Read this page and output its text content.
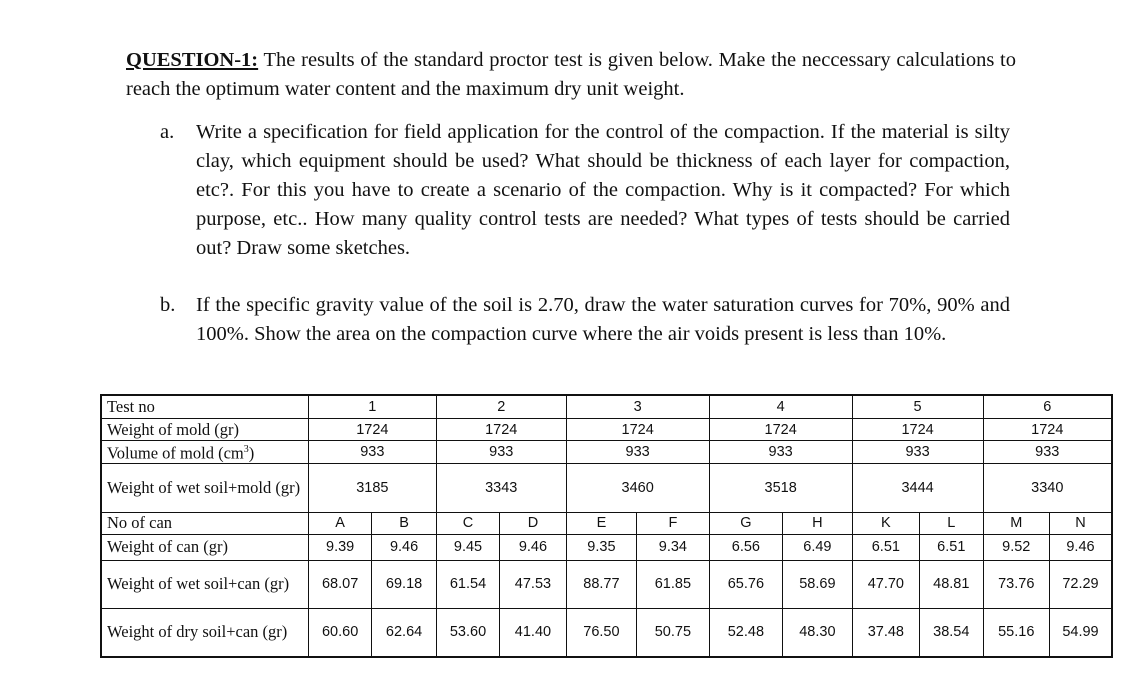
QUESTION-1: The results of the standard proctor test is given below. Make the neccessary calculations to reach the optimum water content and the maximum dry unit weight.
a.	Write a specification for field application for the control of the compaction. If the material is silty clay, which equipment should be used? What should be thickness of each layer for compaction, etc?. For this you have to create a scenario of the compaction. Why is it compacted? For which purpose, etc.. How many quality control tests are needed? What types of tests should be carried out? Draw some sketches.
b.	If the specific gravity value of the soil is 2.70, draw the water saturation curves for 70%, 90% and 100%. Show the area on the compaction curve where the air voids present is less than 10%.
Test no	1		2		3		4		5		6	
Weight of mold (gr)	1724		1724		1724		1724		1724		1724	
Volume of mold $(cm^3)$	933		933		933		933		933		933	
Weight of wet soil+mold (gr)	3185		3343		3460		3518		3444		3340	
No of can	A	B	C	D	E	F	G	H	K	L	M	N
Weight of can (gr)	9.39	9.46	9.45	9.46	9.35	9.34	6.56	6.49	6.51	6.51	9.52	9.46
Weight of wet soil+can (gr)	68.07	69.18	61.54	47.53	88.77	61.85	65.76	58.69	47.70	48.81	73.76	72.29
Weight of dry soil+can (gr)	60.60	62.64	53.60	41.40	76.50	50.75	52.48	48.30	37.48	38.54	55.16	54.99
